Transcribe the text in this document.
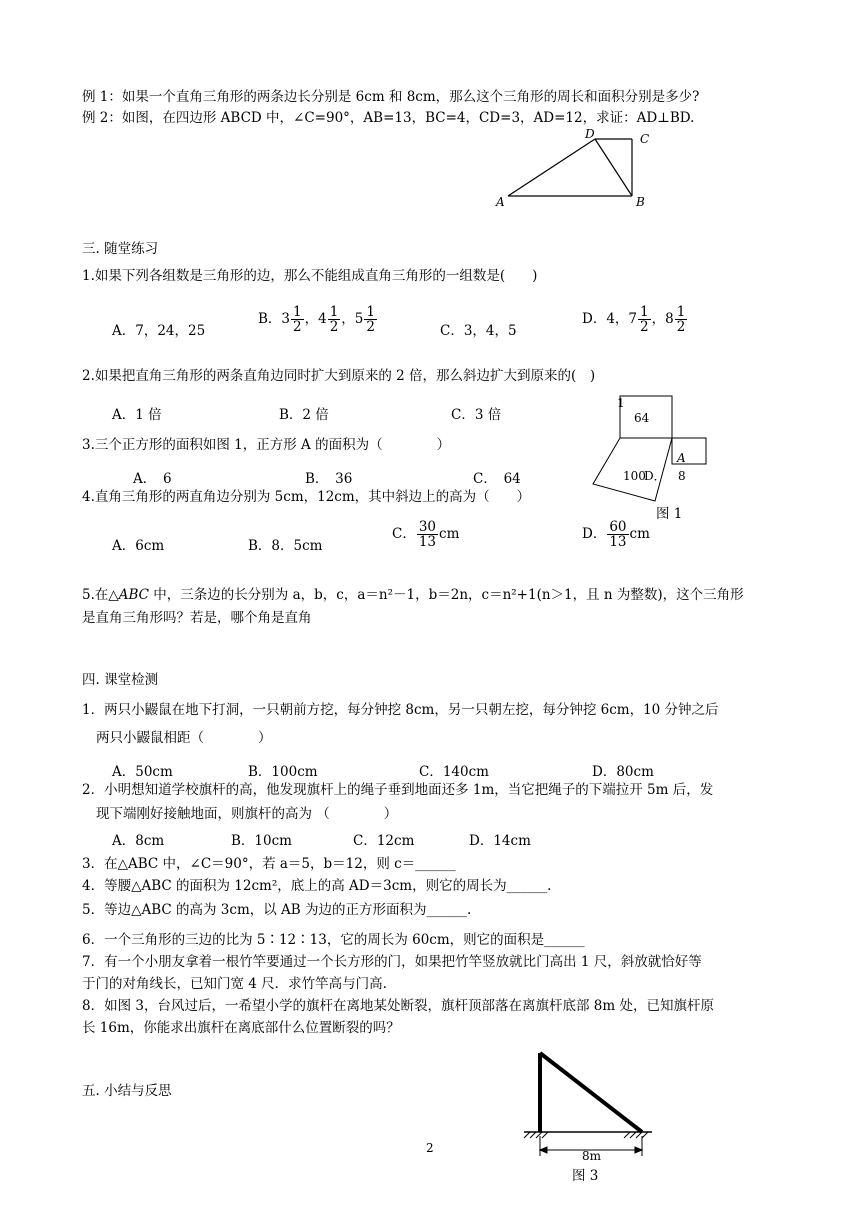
例 1：如果一个直角三角形的两条边长分别是 6cm 和 8cm，那么这个三角形的周长和面积分别是多少?
例 2：如图，在四边形 ABCD 中，∠C=90°，AB=13，BC=4，CD=3，AD=12，求证：AD⊥BD.
A	B
C
D
三. 随堂练习
1.如果下列各组数是三角形的边，那么不能组成直角三角形的一组数是(　　)
A．7，24，25
B．$3 \frac{1}{2}$ ，$4 \frac{1}{2}$ ，$5 \frac{1}{2}$	C．3，4，5
D．4，$7 \frac{1}{2}$ ，$8 \frac{1}{2}$
2.如果把直角三角形的两条直角边同时扩大到原来的 2 倍，那么斜边扩大到原来的(　)
A．1 倍	B．2 倍	C．3 倍
3.三个正方形的面积如图 1，正方形 A 的面积为（　　　　）
A．　6	B．　36	C．　64
4.直角三角形的两直角边分别为 5cm，12cm，其中斜边上的高为（　　）
A．6cm	B．8．5cm
C． $\frac{30}{13}$ cm	D． $\frac{60}{13}$ cm
1
64
100
D．
A
8
图 1
5.在△ABC 中，三条边的长分别为 a，b，c，a＝n²－1，b＝2n，c＝n²+1(n＞1，且 n 为整数)，这个三角形
是直角三角形吗？若是，哪个角是直角
四. 课堂检测
1．两只小鼹鼠在地下打洞，一只朝前方挖，每分钟挖 8cm，另一只朝左挖，每分钟挖 6cm，10 分钟之后
两只小鼹鼠相距（　　　　）
A．50cm	B．100cm	C．140cm	D．80cm
2．小明想知道学校旗杆的高，他发现旗杆上的绳子垂到地面还多 1m，当它把绳子的下端拉开 5m 后，发
现下端刚好接触地面，则旗杆的高为 （　　　　）
A．8cm	B．10cm	C．12cm	D．14cm
3．在△ABC 中，∠C＝90°，若 a＝5，b＝12，则 c＝______
4．等腰△ABC 的面积为 12cm²，底上的高 AD＝3cm，则它的周长为______.
5．等边△ABC 的高为 3cm，以 AB 为边的正方形面积为______.
6．一个三角形的三边的比为 5∶12∶13，它的周长为 60cm，则它的面积是______
7．有一个小朋友拿着一根竹竿要通过一个长方形的门，如果把竹竿竖放就比门高出 1 尺，斜放就恰好等
于门的对角线长，已知门宽 4 尺．求竹竿高与门高.
8．如图 3，台风过后，一希望小学的旗杆在离地某处断裂，旗杆顶部落在离旗杆底部 8m 处，已知旗杆原
长 16m，你能求出旗杆在离底部什么位置断裂的吗？
8m
图 3
五. 小结与反思
2
